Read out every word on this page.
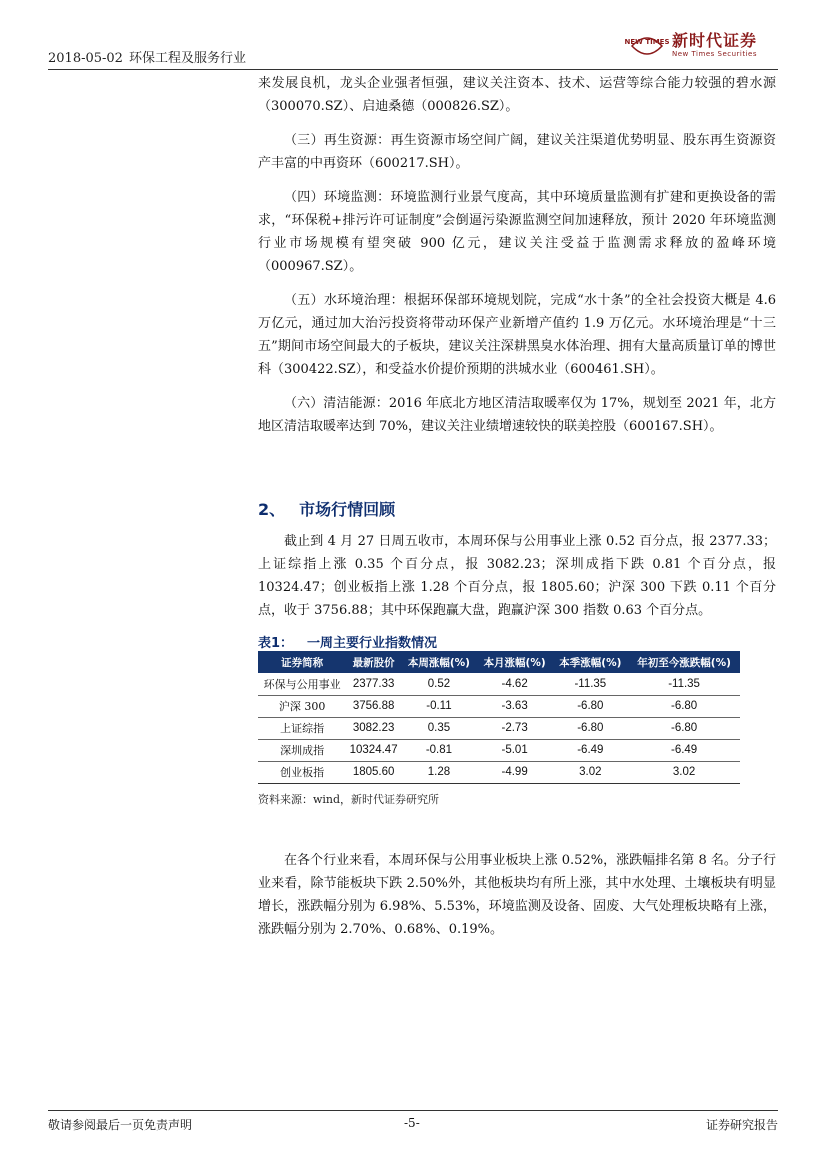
2018-05-02 环保工程及服务行业
NEW TIMES 新时代证券
New Times Securities

来发展良机，龙头企业强者恒强，建议关注资本、技术、运营等综合能力较强的碧水源（300070.SZ）、启迪桑德（000826.SZ）。

（三）再生资源：再生资源市场空间广阔，建议关注渠道优势明显、股东再生资源资产丰富的中再资环（600217.SH）。

（四）环境监测：环境监测行业景气度高，其中环境质量监测有扩建和更换设备的需求，“环保税+排污许可证制度”会倒逼污染源监测空间加速释放，预计 2020 年环境监测行业市场规模有望突破 900 亿元，建议关注受益于监测需求释放的盈峰环境（000967.SZ）。

（五）水环境治理：根据环保部环境规划院，完成“水十条”的全社会投资大概是 4.6 万亿元，通过加大治污投资将带动环保产业新增产值约 1.9 万亿元。水环境治理是“十三五”期间市场空间最大的子板块，建议关注深耕黑臭水体治理、拥有大量高质量订单的博世科（300422.SZ），和受益水价提价预期的洪城水业（600461.SH）。

（六）清洁能源：2016 年底北方地区清洁取暖率仅为 17%，规划至 2021 年，北方地区清洁取暖率达到 70%，建议关注业绩增速较快的联美控股（600167.SH）。

2、 市场行情回顾

截止到 4 月 27 日周五收市，本周环保与公用事业上涨 0.52 百分点，报 2377.33；上证综指上涨 0.35 个百分点，报 3082.23；深圳成指下跌 0.81 个百分点，报 10324.47；创业板指上涨 1.28 个百分点，报 1805.60；沪深 300 下跌 0.11 个百分点，收于 3756.88；其中环保跑赢大盘，跑赢沪深 300 指数 0.63 个百分点。

表1： 一周主要行业指数情况
证券简称	最新股价	本周涨幅(%)	本月涨幅(%)	本季涨幅(%)	年初至今涨跌幅(%)
环保与公用事业	2377.33	0.52	-4.62	-11.35	-11.35
沪深 300	3756.88	-0.11	-3.63	-6.80	-6.80
上证综指	3082.23	0.35	-2.73	-6.80	-6.80
深圳成指	10324.47	-0.81	-5.01	-6.49	-6.49
创业板指	1805.60	1.28	-4.99	3.02	3.02
资料来源：wind，新时代证券研究所

在各个行业来看，本周环保与公用事业板块上涨 0.52%，涨跌幅排名第 8 名。分子行业来看，除节能板块下跌 2.50%外，其他板块均有所上涨，其中水处理、土壤板块有明显增长，涨跌幅分别为 6.98%、5.53%，环境监测及设备、固废、大气处理板块略有上涨，涨跌幅分别为 2.70%、0.68%、0.19%。

敬请参阅最后一页免责声明	-5-	证券研究报告
